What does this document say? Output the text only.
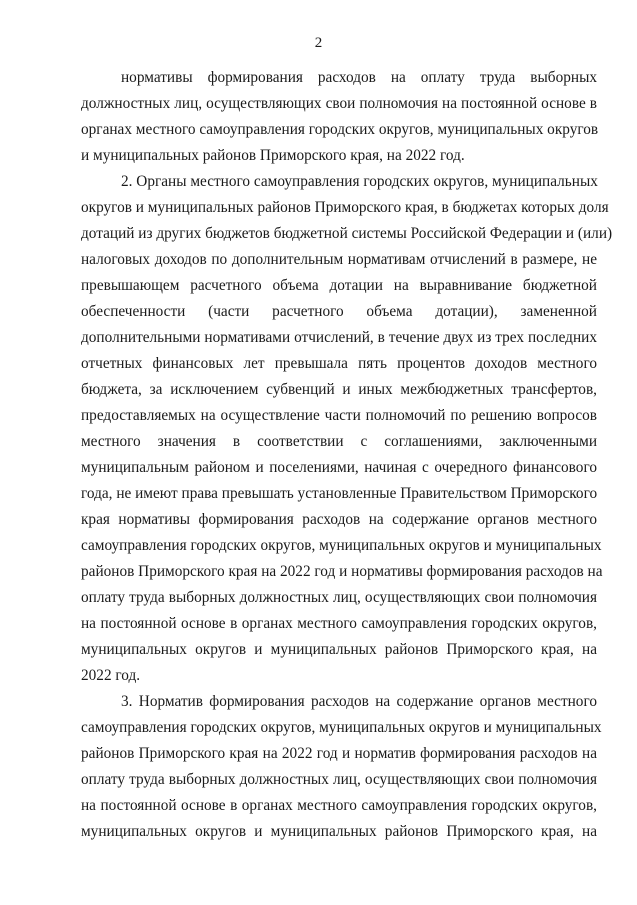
2
нормативы формирования расходов на оплату труда выборных
должностных лиц, осуществляющих свои полномочия на постоянной основе в
органах местного самоуправления городских округов, муниципальных округов
и муниципальных районов Приморского края, на 2022 год.
2. Органы местного самоуправления городских округов, муниципальных
округов и муниципальных районов Приморского края, в бюджетах которых доля
дотаций из других бюджетов бюджетной системы Российской Федерации и (или)
налоговых доходов по дополнительным нормативам отчислений в размере, не
превышающем расчетного объема дотации на выравнивание бюджетной
обеспеченности (части расчетного объема дотации), замененной
дополнительными нормативами отчислений, в течение двух из трех последних
отчетных финансовых лет превышала пять процентов доходов местного
бюджета, за исключением субвенций и иных межбюджетных трансфертов,
предоставляемых на осуществление части полномочий по решению вопросов
местного значения в соответствии с соглашениями, заключенными
муниципальным районом и поселениями, начиная с очередного финансового
года, не имеют права превышать установленные Правительством Приморского
края нормативы формирования расходов на содержание органов местного
самоуправления городских округов, муниципальных округов и муниципальных
районов Приморского края на 2022 год и нормативы формирования расходов на
оплату труда выборных должностных лиц, осуществляющих свои полномочия
на постоянной основе в органах местного самоуправления городских округов,
муниципальных округов и муниципальных районов Приморского края, на
2022 год.
3. Норматив формирования расходов на содержание органов местного
самоуправления городских округов, муниципальных округов и муниципальных
районов Приморского края на 2022 год и норматив формирования расходов на
оплату труда выборных должностных лиц, осуществляющих свои полномочия
на постоянной основе в органах местного самоуправления городских округов,
муниципальных округов и муниципальных районов Приморского края, на
